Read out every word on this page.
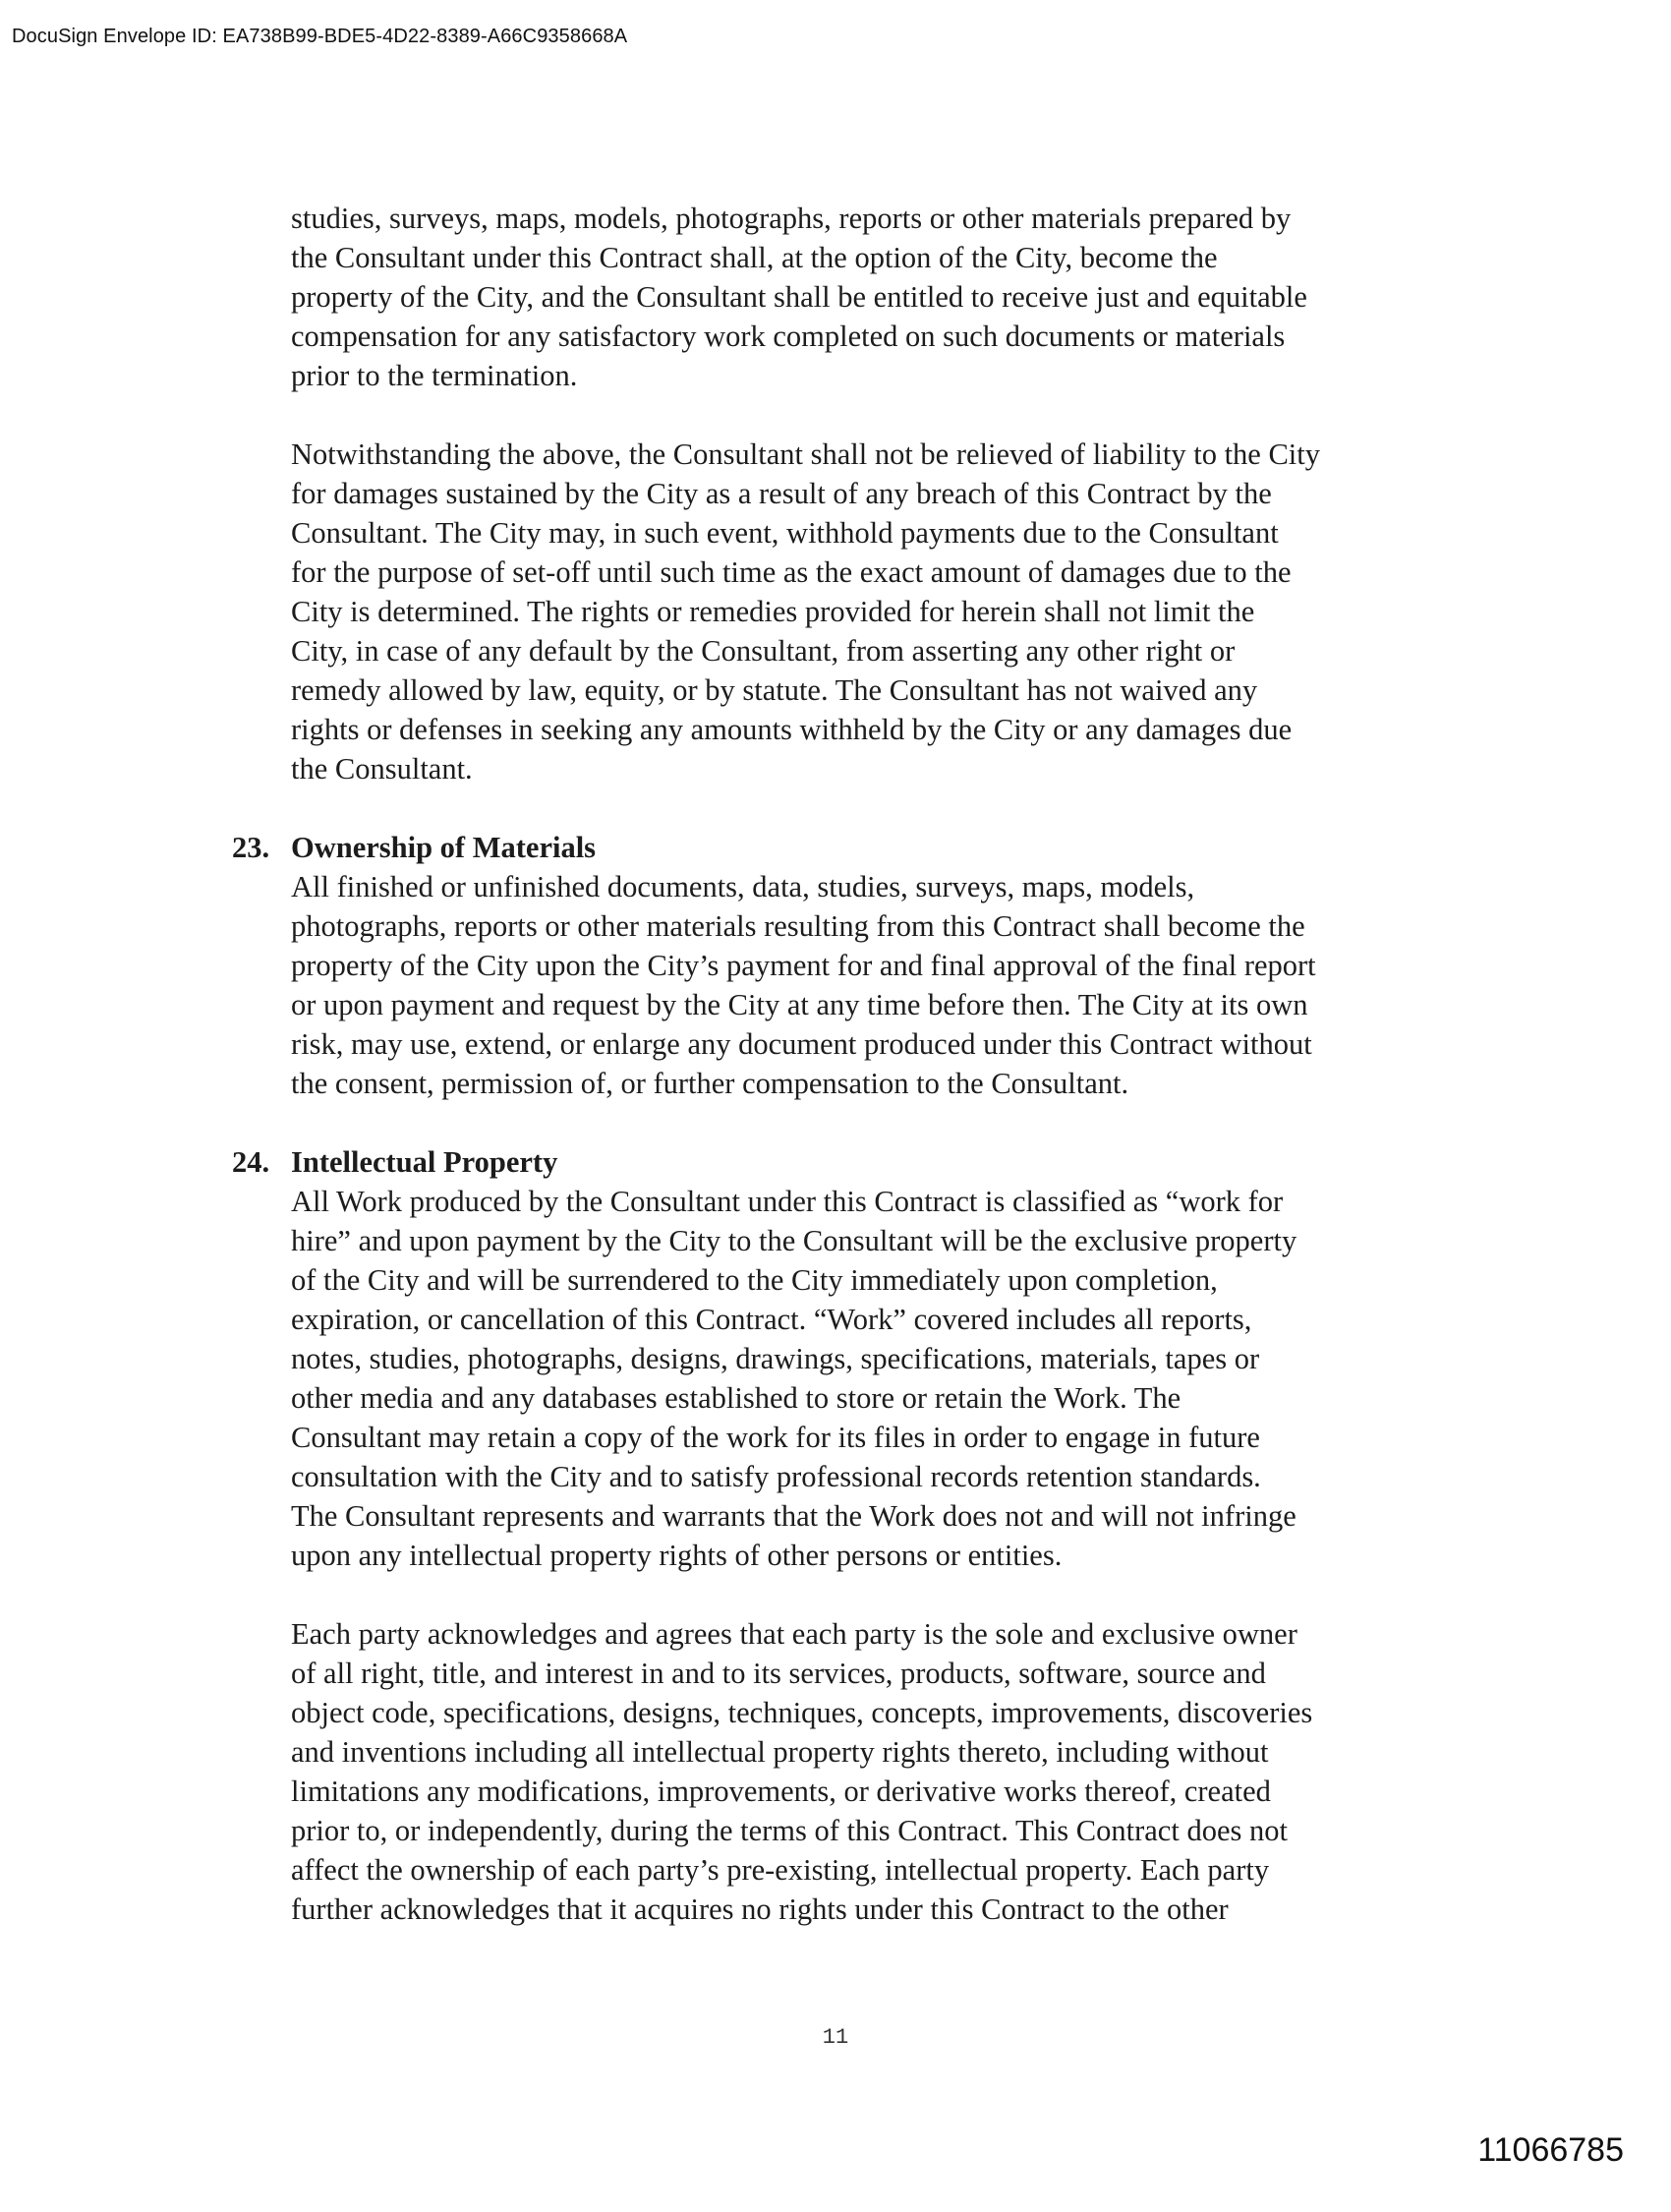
DocuSign Envelope ID: EA738B99-BDE5-4D22-8389-A66C9358668A
studies, surveys, maps, models, photographs, reports or other materials prepared by
the Consultant under this Contract shall, at the option of the City, become the
property of the City, and the Consultant shall be entitled to receive just and equitable
compensation for any satisfactory work completed on such documents or materials
prior to the termination.
Notwithstanding the above, the Consultant shall not be relieved of liability to the City
for damages sustained by the City as a result of any breach of this Contract by the
Consultant. The City may, in such event, withhold payments due to the Consultant
for the purpose of set-off until such time as the exact amount of damages due to the
City is determined. The rights or remedies provided for herein shall not limit the
City, in case of any default by the Consultant, from asserting any other right or
remedy allowed by law, equity, or by statute. The Consultant has not waived any
rights or defenses in seeking any amounts withheld by the City or any damages due
the Consultant.
23. Ownership of Materials
All finished or unfinished documents, data, studies, surveys, maps, models,
photographs, reports or other materials resulting from this Contract shall become the
property of the City upon the City’s payment for and final approval of the final report
or upon payment and request by the City at any time before then. The City at its own
risk, may use, extend, or enlarge any document produced under this Contract without
the consent, permission of, or further compensation to the Consultant.
24. Intellectual Property
All Work produced by the Consultant under this Contract is classified as “work for
hire” and upon payment by the City to the Consultant will be the exclusive property
of the City and will be surrendered to the City immediately upon completion,
expiration, or cancellation of this Contract. “Work” covered includes all reports,
notes, studies, photographs, designs, drawings, specifications, materials, tapes or
other media and any databases established to store or retain the Work. The
Consultant may retain a copy of the work for its files in order to engage in future
consultation with the City and to satisfy professional records retention standards.
The Consultant represents and warrants that the Work does not and will not infringe
upon any intellectual property rights of other persons or entities.
Each party acknowledges and agrees that each party is the sole and exclusive owner
of all right, title, and interest in and to its services, products, software, source and
object code, specifications, designs, techniques, concepts, improvements, discoveries
and inventions including all intellectual property rights thereto, including without
limitations any modifications, improvements, or derivative works thereof, created
prior to, or independently, during the terms of this Contract. This Contract does not
affect the ownership of each party’s pre-existing, intellectual property. Each party
further acknowledges that it acquires no rights under this Contract to the other
11
11066785
